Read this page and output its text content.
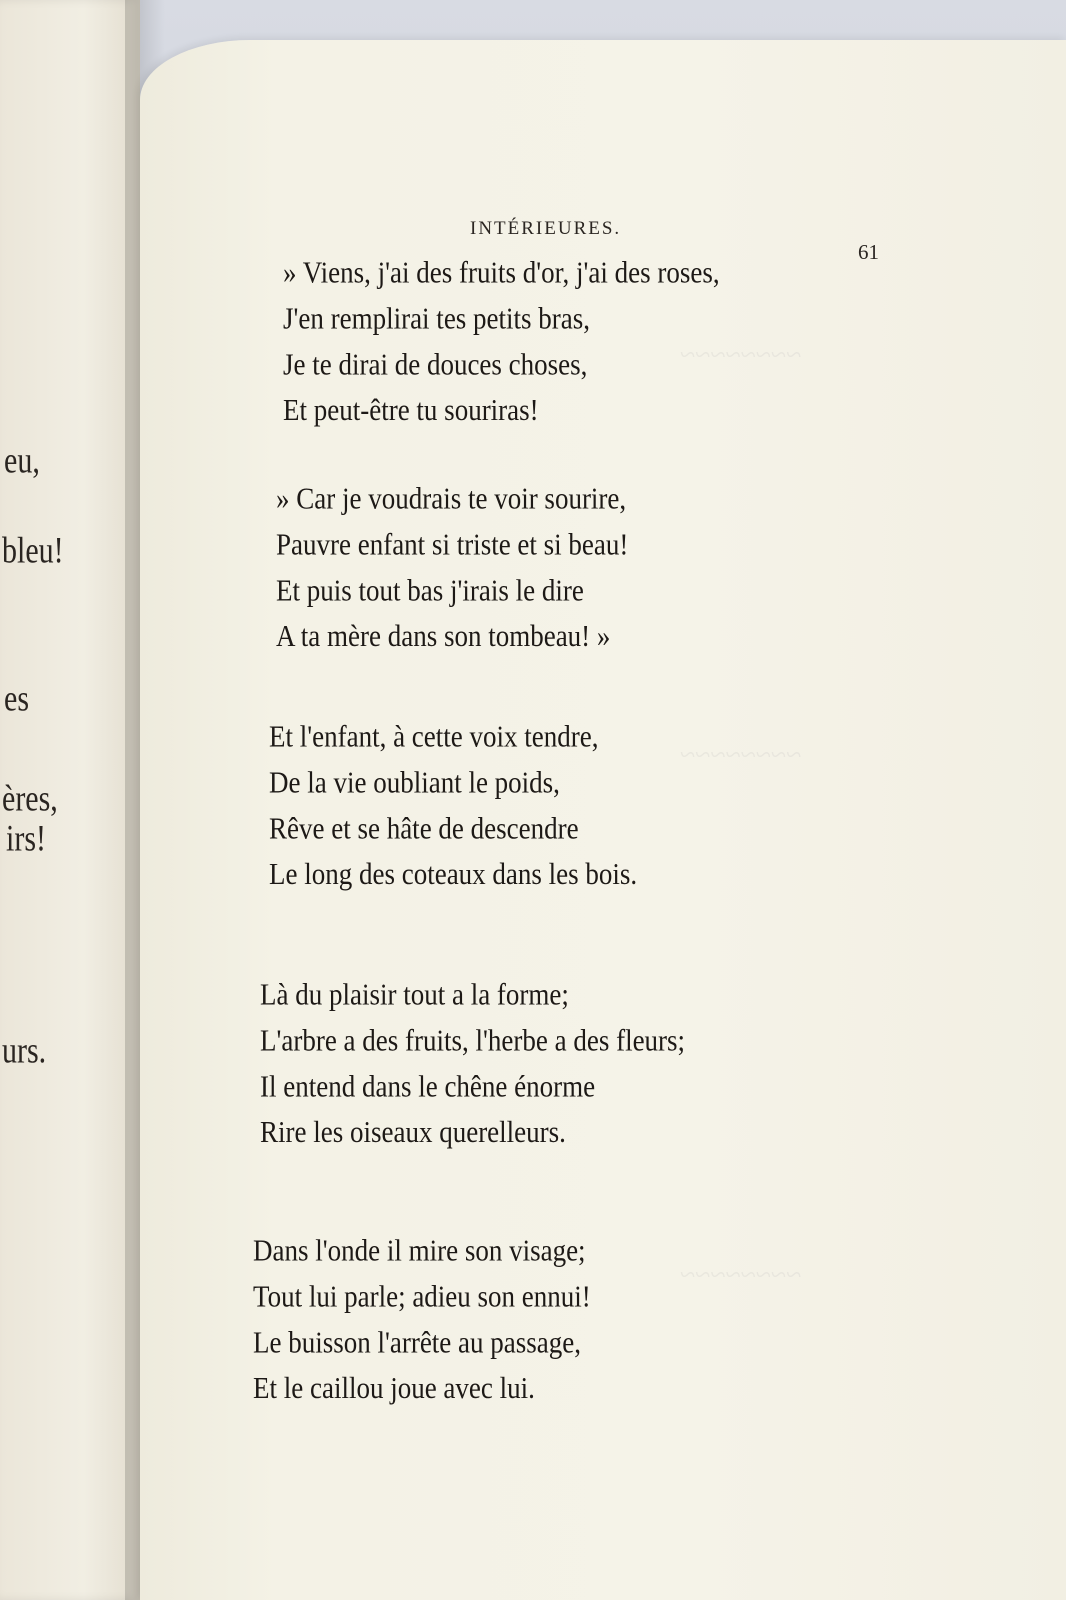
eu,
bleu!
es
ères,
irs!
urs.
~~~~~~~~
~~~~~~~~
~~~~~~~~
INTÉRIEURES.
61
» Viens, j'ai des fruits d'or, j'ai des roses,
J'en remplirai tes petits bras,
Je te dirai de douces choses,
Et peut-être tu souriras!
» Car je voudrais te voir sourire,
Pauvre enfant si triste et si beau!
Et puis tout bas j'irais le dire
A ta mère dans son tombeau! »
Et l'enfant, à cette voix tendre,
De la vie oubliant le poids,
Rêve et se hâte de descendre
Le long des coteaux dans les bois.
Là du plaisir tout a la forme;
L'arbre a des fruits, l'herbe a des fleurs;
Il entend dans le chêne énorme
Rire les oiseaux querelleurs.
Dans l'onde il mire son visage;
Tout lui parle; adieu son ennui!
Le buisson l'arrête au passage,
Et le caillou joue avec lui.
